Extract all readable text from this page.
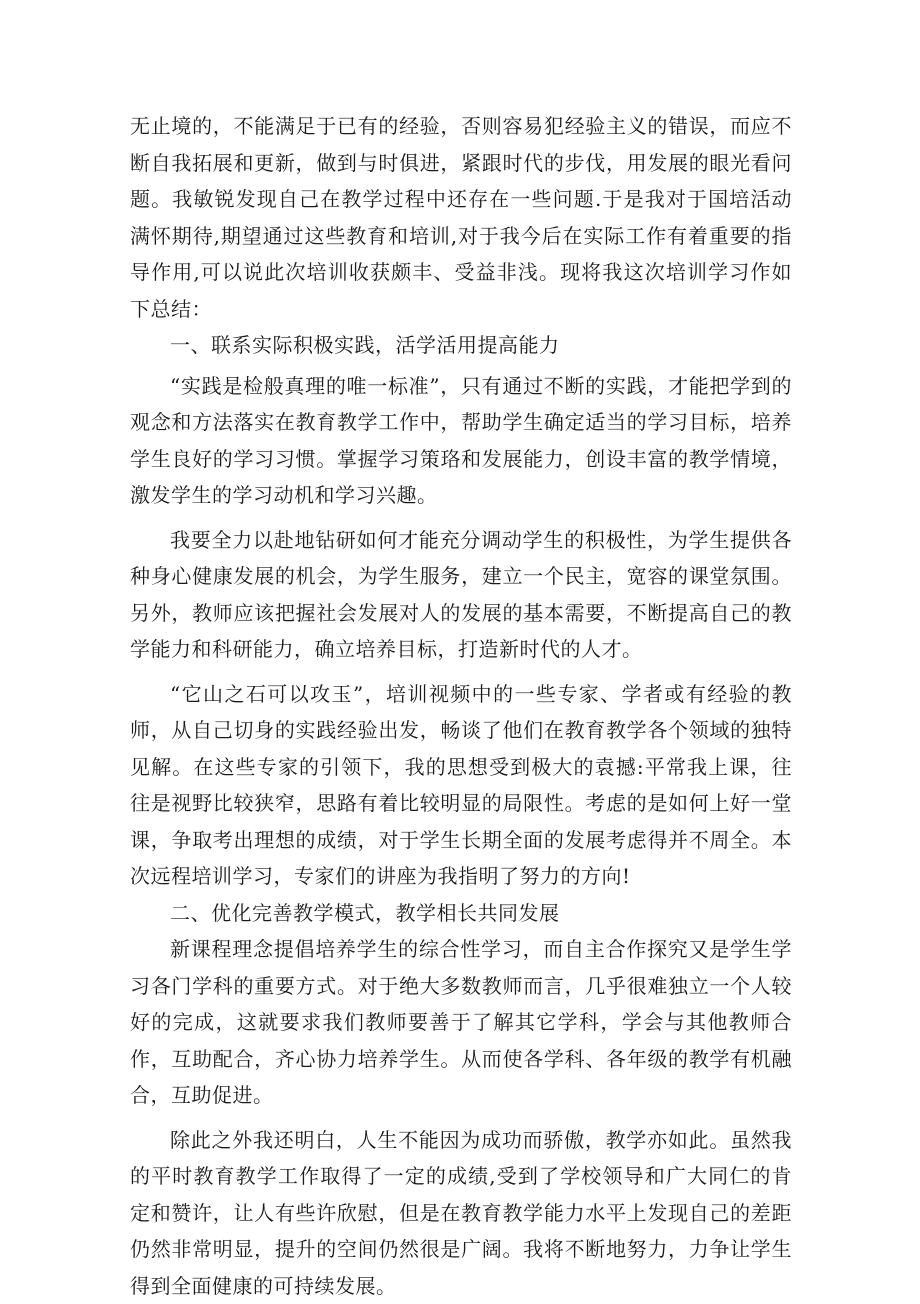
无止境的，不能满足于已有的经验，否则容易犯经验主义的错误，而应不断自我拓展和更新，做到与时俱进，紧跟时代的步伐，用发展的眼光看问题。我敏锐发现自己在教学过程中还存在一些问题.于是我对于国培活动满怀期待,期望通过这些教育和培训,对于我今后在实际工作有着重要的指导作用,可以说此次培训收获颇丰、受益非浅。现将我这次培训学习作如下总结：

一、联系实际积极实践，活学活用提高能力

“实践是检般真理的唯一标准”，只有通过不断的实践，才能把学到的观念和方法落实在教育教学工作中，帮助学生确定适当的学习目标，培养学生良好的学习习惯。掌握学习策珞和发展能力，创设丰富的教学情境，激发学生的学习动机和学习兴趣。

我要全力以赴地钻研如何才能充分调动学生的积极性，为学生提供各种身心健康发展的机会，为学生服务，建立一个民主，宽容的课堂氛围。另外，教师应该把握社会发展对人的发展的基本需要，不断提高自己的教学能力和科研能力，确立培养目标，打造新时代的人才。

“它山之石可以攻玉”，培训视频中的一些专家、学者或有经验的教师，从自己切身的实践经验出发，畅谈了他们在教育教学各个领域的独特见解。在这些专家的引领下，我的思想受到极大的袁撼:平常我上课，往往是视野比较狭窄，思路有着比较明显的局限性。考虑的是如何上好一堂课，争取考出理想的成绩，对于学生长期全面的发展考虑得并不周全。本次远程培训学习，专家们的讲座为我指明了努力的方向!

二、优化完善教学模式，教学相长共同发展

新课程理念提倡培养学生的综合性学习，而自主合作探究又是学生学习各门学科的重要方式。对于绝大多数教师而言，几乎很难独立一个人较好的完成，这就要求我们教师要善于了解其它学科，学会与其他教师合作，互助配合，齐心协力培养学生。从而使各学科、各年级的教学有机融合，互助促进。

除此之外我还明白，人生不能因为成功而骄傲，教学亦如此。虽然我的平时教育教学工作取得了一定的成绩,受到了学校领导和广大同仁的肯定和赞许，让人有些许欣慰，但是在教育教学能力水平上发现自己的差距仍然非常明显，提升的空间仍然很是广阔。我将不断地努力，力争让学生得到全面健康的可持续发展。
